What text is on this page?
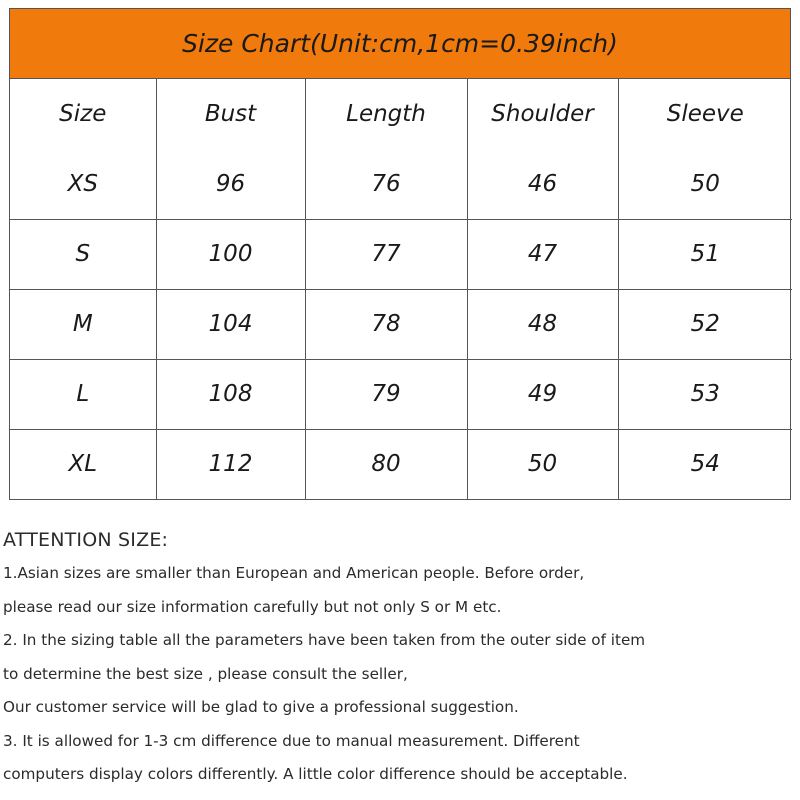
Size Chart(Unit:cm,1cm=0.39inch)
Size	Bust	Length	Shoulder	Sleeve
XS	96	76	46	50
S	100	77	47	51
M	104	78	48	52
L	108	79	49	53
XL	112	80	50	54
ATTENTION SIZE:
1.Asian sizes are smaller than European and American people. Before order,
please read our size information carefully but not only S or M etc.
2. In the sizing table all the parameters have been taken from the outer side of item
to determine the best size , please consult the seller,
Our customer service will be glad to give a professional suggestion.
3. It is allowed for 1-3 cm difference due to manual measurement. Different
computers display colors differently. A little color difference should be acceptable.
